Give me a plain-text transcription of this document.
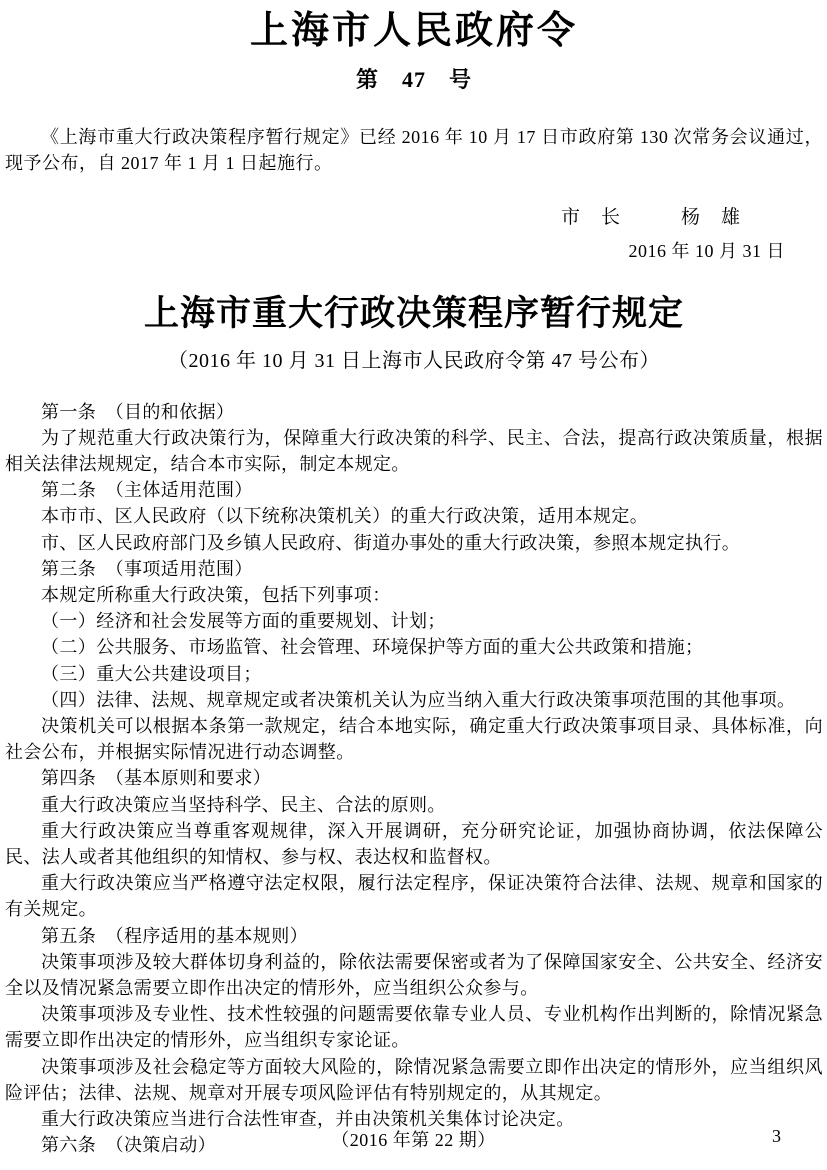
上海市人民政府令
第　47　号

《上海市重大行政决策程序暂行规定》已经 2016 年 10 月 17 日市政府第 130 次常务会议通过，现予公布，自 2017 年 1 月 1 日起施行。

市　长　　　杨　雄
2016 年 10 月 31 日
上海市重大行政决策程序暂行规定
（2016 年 10 月 31 日上海市人民政府令第 47 号公布）

第一条　（目的和依据）

为了规范重大行政决策行为，保障重大行政决策的科学、民主、合法，提高行政决策质量，根据相关法律法规规定，结合本市实际，制定本规定。

第二条　（主体适用范围）

本市市、区人民政府（以下统称决策机关）的重大行政决策，适用本规定。

市、区人民政府部门及乡镇人民政府、街道办事处的重大行政决策，参照本规定执行。

第三条　（事项适用范围）

本规定所称重大行政决策，包括下列事项：

（一）经济和社会发展等方面的重要规划、计划；

（二）公共服务、市场监管、社会管理、环境保护等方面的重大公共政策和措施；

（三）重大公共建设项目；

（四）法律、法规、规章规定或者决策机关认为应当纳入重大行政决策事项范围的其他事项。

决策机关可以根据本条第一款规定，结合本地实际，确定重大行政决策事项目录、具体标准，向社会公布，并根据实际情况进行动态调整。

第四条　（基本原则和要求）

重大行政决策应当坚持科学、民主、合法的原则。

重大行政决策应当尊重客观规律，深入开展调研，充分研究论证，加强协商协调，依法保障公民、法人或者其他组织的知情权、参与权、表达权和监督权。

重大行政决策应当严格遵守法定权限，履行法定程序，保证决策符合法律、法规、规章和国家的有关规定。

第五条　（程序适用的基本规则）

决策事项涉及较大群体切身利益的，除依法需要保密或者为了保障国家安全、公共安全、经济安全以及情况紧急需要立即作出决定的情形外，应当组织公众参与。

决策事项涉及专业性、技术性较强的问题需要依靠专业人员、专业机构作出判断的，除情况紧急需要立即作出决定的情形外，应当组织专家论证。

决策事项涉及社会稳定等方面较大风险的，除情况紧急需要立即作出决定的情形外，应当组织风险评估；法律、法规、规章对开展专项风险评估有特别规定的，从其规定。

重大行政决策应当进行合法性审查，并由决策机关集体讨论决定。

第六条　（决策启动）	（2016 年第 22 期）	3
